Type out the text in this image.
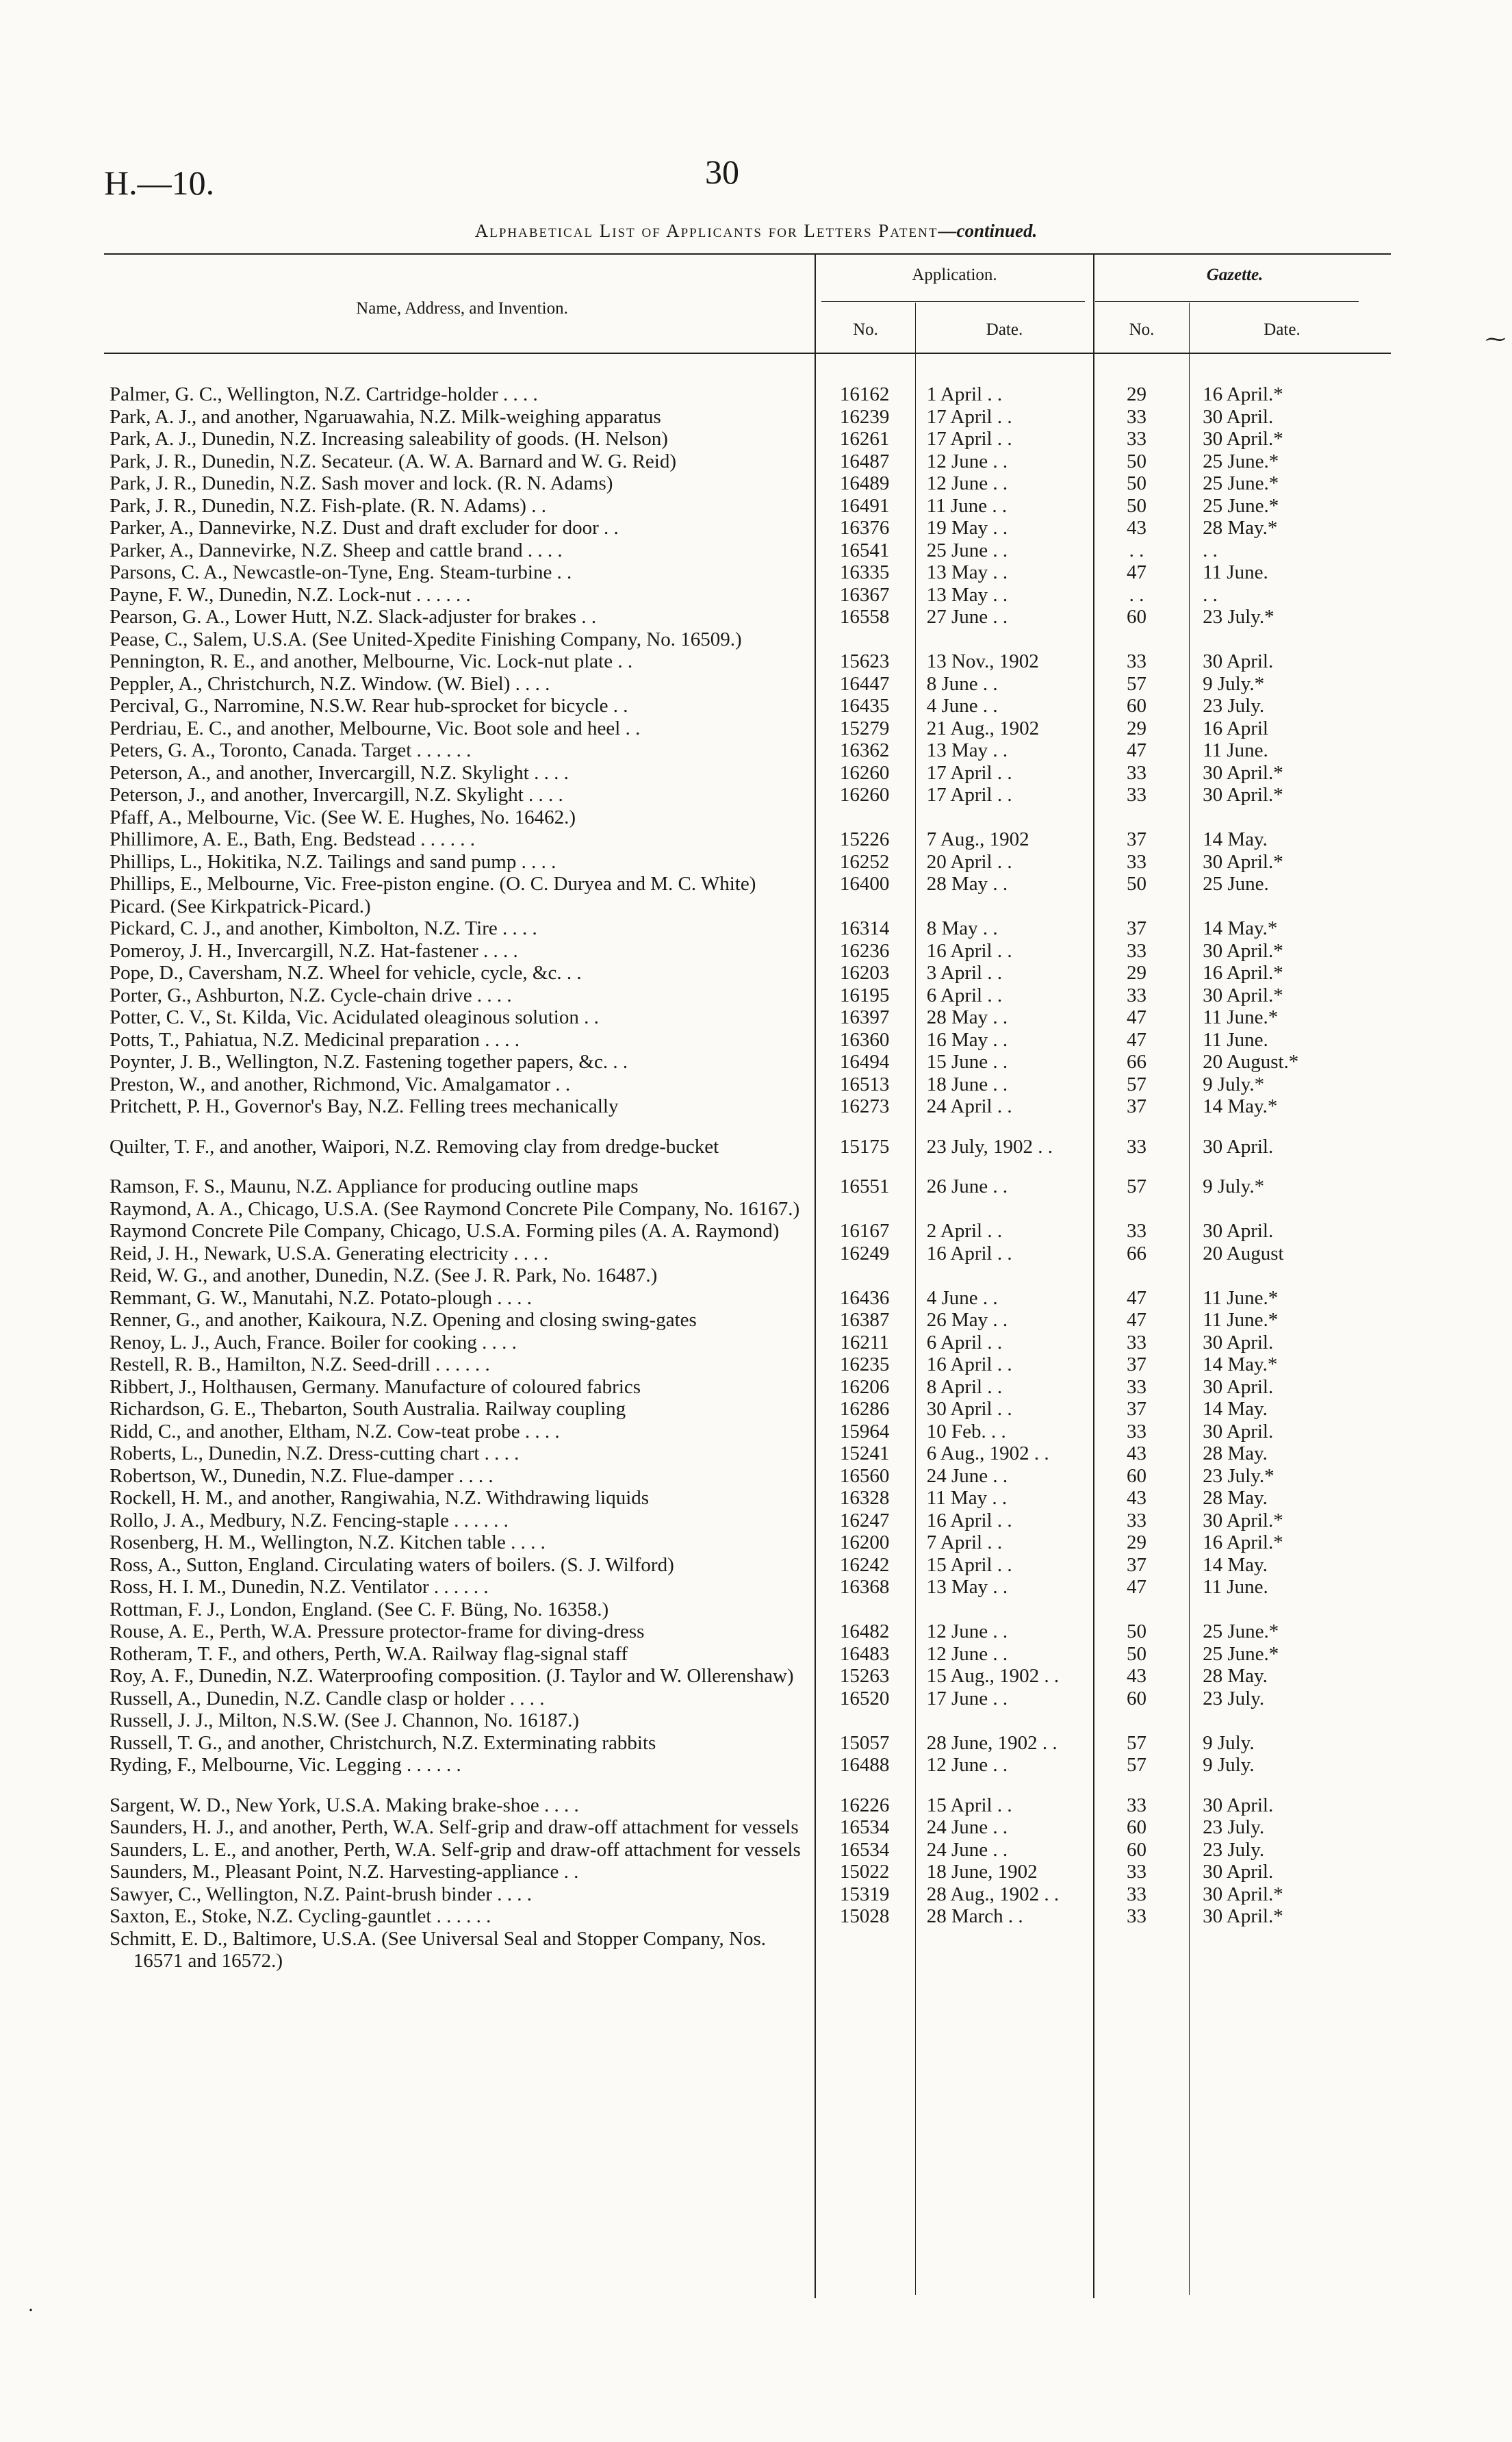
H.—10.	30
Alphabetical List of Applicants for Letters Patent—continued.
Name, Address, and Invention.
Application.	Gazette.
No.	Date.	No.	Date.
Palmer, G. C., Wellington, N.Z. Cartridge-holder . . . .	16162	1 April . .	29	16 April.*
Park, A. J., and another, Ngaruawahia, N.Z. Milk-weighing apparatus	16239	17 April . .	33	30 April.
Park, A. J., Dunedin, N.Z. Increasing saleability of goods. (H. Nelson)	16261	17 April . .	33	30 April.*
Park, J. R., Dunedin, N.Z. Secateur. (A. W. A. Barnard and W. G. Reid)	16487	12 June . .	50	25 June.*
Park, J. R., Dunedin, N.Z. Sash mover and lock. (R. N. Adams)	16489	12 June . .	50	25 June.*
Park, J. R., Dunedin, N.Z. Fish-plate. (R. N. Adams) . .	16491	11 June . .	50	25 June.*
Parker, A., Dannevirke, N.Z. Dust and draft excluder for door . .	16376	19 May . .	43	28 May.*
Parker, A., Dannevirke, N.Z. Sheep and cattle brand . . . .	16541	25 June . .	. .	. .
Parsons, C. A., Newcastle-on-Tyne, Eng. Steam-turbine . .	16335	13 May . .	47	11 June.
Payne, F. W., Dunedin, N.Z. Lock-nut . . . . . .	16367	13 May . .	. .	. .
Pearson, G. A., Lower Hutt, N.Z. Slack-adjuster for brakes . .	16558	27 June . .	60	23 July.*
Pease, C., Salem, U.S.A. (See United-Xpedite Finishing Company, No. 16509.)
Pennington, R. E., and another, Melbourne, Vic. Lock-nut plate . .	15623	13 Nov., 1902	33	30 April.
Peppler, A., Christchurch, N.Z. Window. (W. Biel) . . . .	16447	8 June . .	57	9 July.*
Percival, G., Narromine, N.S.W. Rear hub-sprocket for bicycle . .	16435	4 June . .	60	23 July.
Perdriau, E. C., and another, Melbourne, Vic. Boot sole and heel . .	15279	21 Aug., 1902	29	16 April
Peters, G. A., Toronto, Canada. Target . . . . . .	16362	13 May . .	47	11 June.
Peterson, A., and another, Invercargill, N.Z. Skylight . . . .	16260	17 April . .	33	30 April.*
Peterson, J., and another, Invercargill, N.Z. Skylight . . . .	16260	17 April . .	33	30 April.*
Pfaff, A., Melbourne, Vic. (See W. E. Hughes, No. 16462.)
Phillimore, A. E., Bath, Eng. Bedstead . . . . . .	15226	7 Aug., 1902	37	14 May.
Phillips, L., Hokitika, N.Z. Tailings and sand pump . . . .	16252	20 April . .	33	30 April.*
Phillips, E., Melbourne, Vic. Free-piston engine. (O. C. Duryea and M. C. White)	16400	28 May . .	50	25 June.
Picard. (See Kirkpatrick-Picard.)
Pickard, C. J., and another, Kimbolton, N.Z. Tire . . . .	16314	8 May . .	37	14 May.*
Pomeroy, J. H., Invercargill, N.Z. Hat-fastener . . . .	16236	16 April . .	33	30 April.*
Pope, D., Caversham, N.Z. Wheel for vehicle, cycle, &c. . .	16203	3 April . .	29	16 April.*
Porter, G., Ashburton, N.Z. Cycle-chain drive . . . .	16195	6 April . .	33	30 April.*
Potter, C. V., St. Kilda, Vic. Acidulated oleaginous solution . .	16397	28 May . .	47	11 June.*
Potts, T., Pahiatua, N.Z. Medicinal preparation . . . .	16360	16 May . .	47	11 June.
Poynter, J. B., Wellington, N.Z. Fastening together papers, &c. . .	16494	15 June . .	66	20 August.*
Preston, W., and another, Richmond, Vic. Amalgamator . .	16513	18 June . .	57	9 July.*
Pritchett, P. H., Governor's Bay, N.Z. Felling trees mechanically	16273	24 April . .	37	14 May.*
Quilter, T. F., and another, Waipori, N.Z. Removing clay from dredge-bucket	15175	23 July, 1902 . .	33	30 April.
Ramson, F. S., Maunu, N.Z. Appliance for producing outline maps	16551	26 June . .	57	9 July.*
Raymond, A. A., Chicago, U.S.A. (See Raymond Concrete Pile Company, No. 16167.)
Raymond Concrete Pile Company, Chicago, U.S.A. Forming piles (A. A. Raymond)	16167	2 April . .	33	30 April.
Reid, J. H., Newark, U.S.A. Generating electricity . . . .	16249	16 April . .	66	20 August
Reid, W. G., and another, Dunedin, N.Z. (See J. R. Park, No. 16487.)
Remmant, G. W., Manutahi, N.Z. Potato-plough . . . .	16436	4 June . .	47	11 June.*
Renner, G., and another, Kaikoura, N.Z. Opening and closing swing-gates	16387	26 May . .	47	11 June.*
Renoy, L. J., Auch, France. Boiler for cooking . . . .	16211	6 April . .	33	30 April.
Restell, R. B., Hamilton, N.Z. Seed-drill . . . . . .	16235	16 April . .	37	14 May.*
Ribbert, J., Holthausen, Germany. Manufacture of coloured fabrics	16206	8 April . .	33	30 April.
Richardson, G. E., Thebarton, South Australia. Railway coupling	16286	30 April . .	37	14 May.
Ridd, C., and another, Eltham, N.Z. Cow-teat probe . . . .	15964	10 Feb. . .	33	30 April.
Roberts, L., Dunedin, N.Z. Dress-cutting chart . . . .	15241	6 Aug., 1902 . .	43	28 May.
Robertson, W., Dunedin, N.Z. Flue-damper . . . .	16560	24 June . .	60	23 July.*
Rockell, H. M., and another, Rangiwahia, N.Z. Withdrawing liquids	16328	11 May . .	43	28 May.
Rollo, J. A., Medbury, N.Z. Fencing-staple . . . . . .	16247	16 April . .	33	30 April.*
Rosenberg, H. M., Wellington, N.Z. Kitchen table . . . .	16200	7 April . .	29	16 April.*
Ross, A., Sutton, England. Circulating waters of boilers. (S. J. Wilford)	16242	15 April . .	37	14 May.
Ross, H. I. M., Dunedin, N.Z. Ventilator . . . . . .	16368	13 May . .	47	11 June.
Rottman, F. J., London, England. (See C. F. Büng, No. 16358.)
Rouse, A. E., Perth, W.A. Pressure protector-frame for diving-dress	16482	12 June . .	50	25 June.*
Rotheram, T. F., and others, Perth, W.A. Railway flag-signal staff	16483	12 June . .	50	25 June.*
Roy, A. F., Dunedin, N.Z. Waterproofing composition. (J. Taylor and W. Ollerenshaw)	15263	15 Aug., 1902 . .	43	28 May.
Russell, A., Dunedin, N.Z. Candle clasp or holder . . . .	16520	17 June . .	60	23 July.
Russell, J. J., Milton, N.S.W. (See J. Channon, No. 16187.)
Russell, T. G., and another, Christchurch, N.Z. Exterminating rabbits	15057	28 June, 1902 . .	57	9 July.
Ryding, F., Melbourne, Vic. Legging . . . . . .	16488	12 June . .	57	9 July.
Sargent, W. D., New York, U.S.A. Making brake-shoe . . . .	16226	15 April . .	33	30 April.
Saunders, H. J., and another, Perth, W.A. Self-grip and draw-off attachment for vessels	16534	24 June . .	60	23 July.
Saunders, L. E., and another, Perth, W.A. Self-grip and draw-off attachment for vessels	16534	24 June . .	60	23 July.
Saunders, M., Pleasant Point, N.Z. Harvesting-appliance . .	15022	18 June, 1902	33	30 April.
Sawyer, C., Wellington, N.Z. Paint-brush binder . . . .	15319	28 Aug., 1902 . .	33	30 April.*
Saxton, E., Stoke, N.Z. Cycling-gauntlet . . . . . .	15028	28 March . .	33	30 April.*
Schmitt, E. D., Baltimore, U.S.A. (See Universal Seal and Stopper Company, Nos. 16571 and 16572.)
⁓
·
